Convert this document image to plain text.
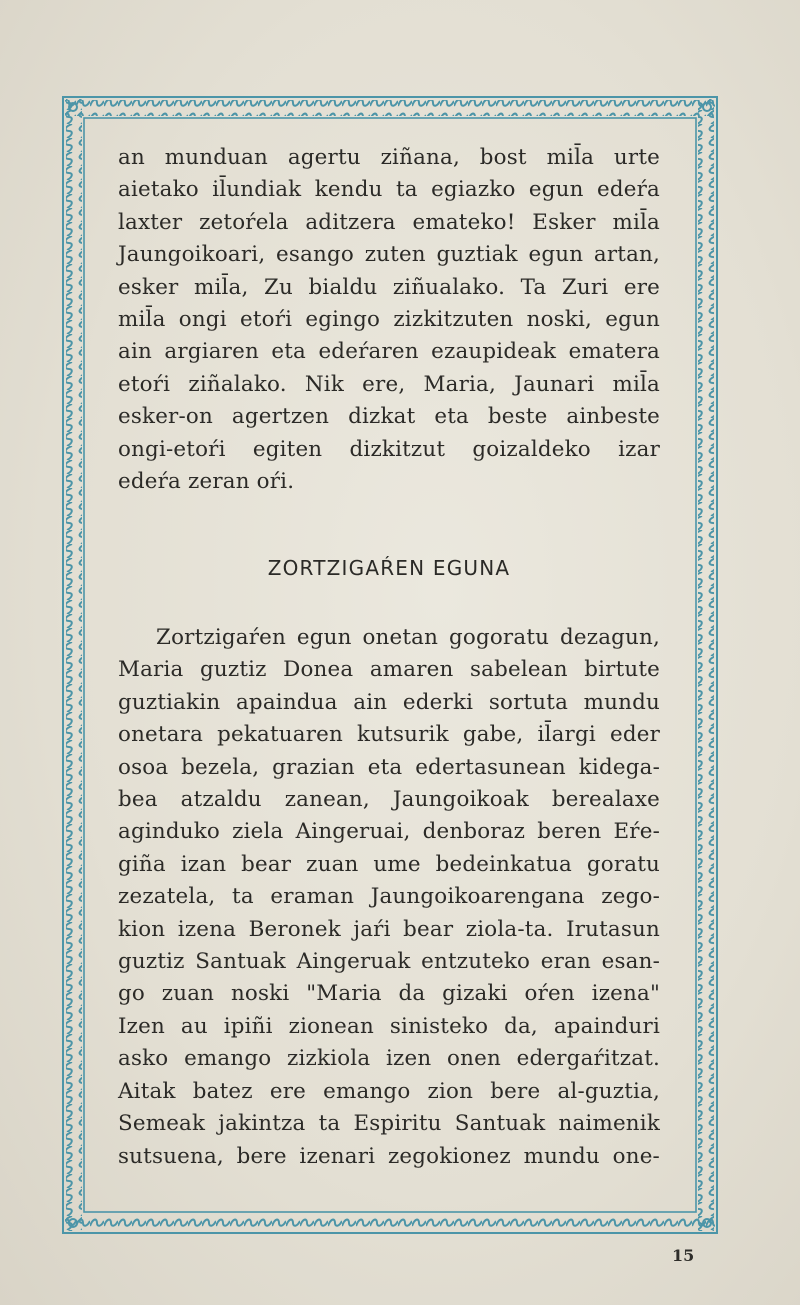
an munduan agertu ziñana, bost mil̄a urte
aietako il̄undiak kendu ta egiazko egun edeŕa
laxter zetoŕela aditzera emateko! Esker mil̄a
Jaungoikoari, esango zuten guztiak egun artan,
esker mil̄a, Zu bialdu ziñualako. Ta Zuri ere
mil̄a ongi etoŕi egingo zizkitzuten noski, egun
ain argiaren eta edeŕaren ezaupideak ematera
etoŕi ziñalako. Nik ere, Maria, Jaunari mil̄a
esker-on agertzen dizkat eta beste ainbeste
ongi-etoŕi egiten dizkitzut goizaldeko izar
edeŕa zeran oŕi.
ZORTZIGAŔEN EGUNA
Zortzigaŕen egun onetan gogoratu dezagun,
Maria guztiz Donea amaren sabelean birtute
guztiakin apaindua ain ederki sortuta mundu
onetara pekatuaren kutsurik gabe, il̄argi eder
osoa bezela, grazian eta edertasunean kidega-
bea atzaldu zanean, Jaungoikoak berealaxe
aginduko ziela Aingeruai, denboraz beren Eŕe-
giña izan bear zuan ume bedeinkatua goratu
zezatela, ta eraman Jaungoikoarengana zego-
kion izena Beronek jaŕi bear ziola-ta. Irutasun
guztiz Santuak Aingeruak entzuteko eran esan-
go zuan noski "Maria da gizaki oŕen izena"
Izen au ipiñi zionean sinisteko da, apainduri
asko emango zizkiola izen onen edergaŕitzat.
Aitak batez ere emango zion bere al-guztia,
Semeak jakintza ta Espiritu Santuak naimenik
sutsuena, bere izenari zegokionez mundu one-
15
